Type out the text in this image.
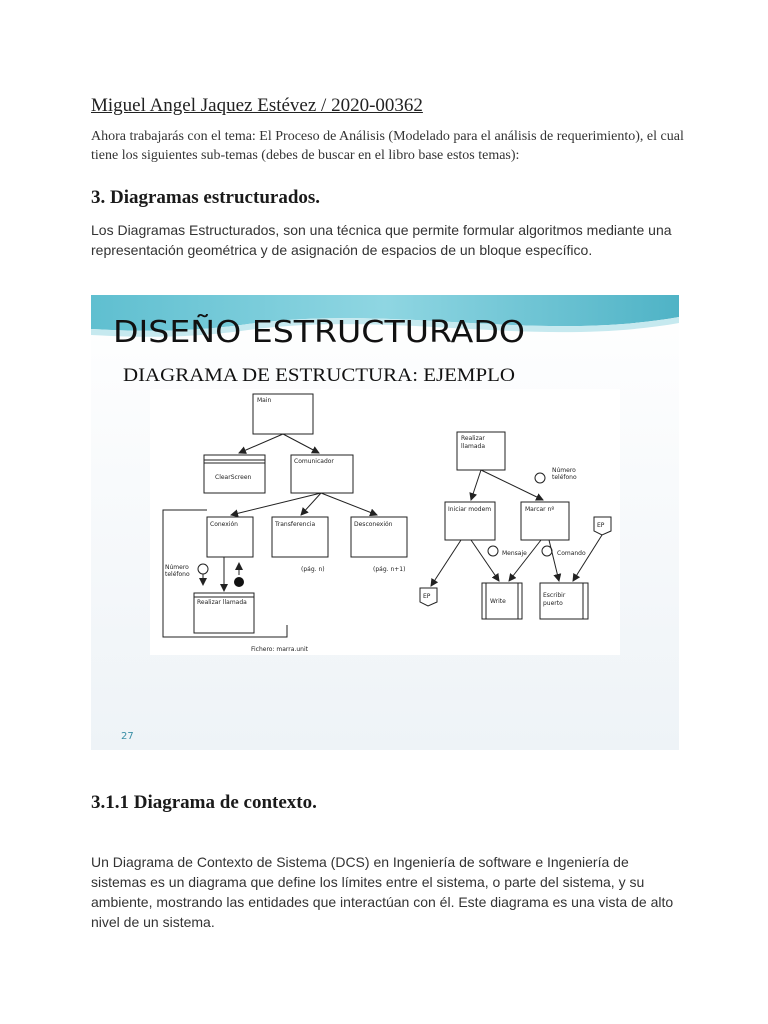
Miguel Angel Jaquez Estévez / 2020-00362

Ahora trabajarás con el tema: El Proceso de Análisis (Modelado para el análisis de requerimiento), el cual tiene los siguientes sub-temas (debes de buscar en el libro base estos temas):

3. Diagramas estructurados.

Los Diagramas Estructurados, son una técnica que permite formular algoritmos mediante una representación geométrica y de asignación de espacios de un bloque específico.

DISEÑO ESTRUCTURADO
DIAGRAMA DE ESTRUCTURA: EJEMPLO
Main
ClearScreen
Comunicador
Conexión	Transferencia	Desconexión
Realizar llamada
Fichero: marra.unit
Número
teléfono
(pág. n)	(pág. n+1)
Realizar
llamada
Iniciar modem	Marcar nº
Write
Escribir
puerto
EP
EP
Número
teléfono
Mensaje	Comando
27
3.1.1 Diagrama de contexto.

Un Diagrama de Contexto de Sistema (DCS) en Ingeniería de software e Ingeniería de sistemas es un diagrama que define los límites entre el sistema, o parte del sistema, y su ambiente, mostrando las entidades que interactúan con él. Este diagrama es una vista de alto nivel de un sistema.
